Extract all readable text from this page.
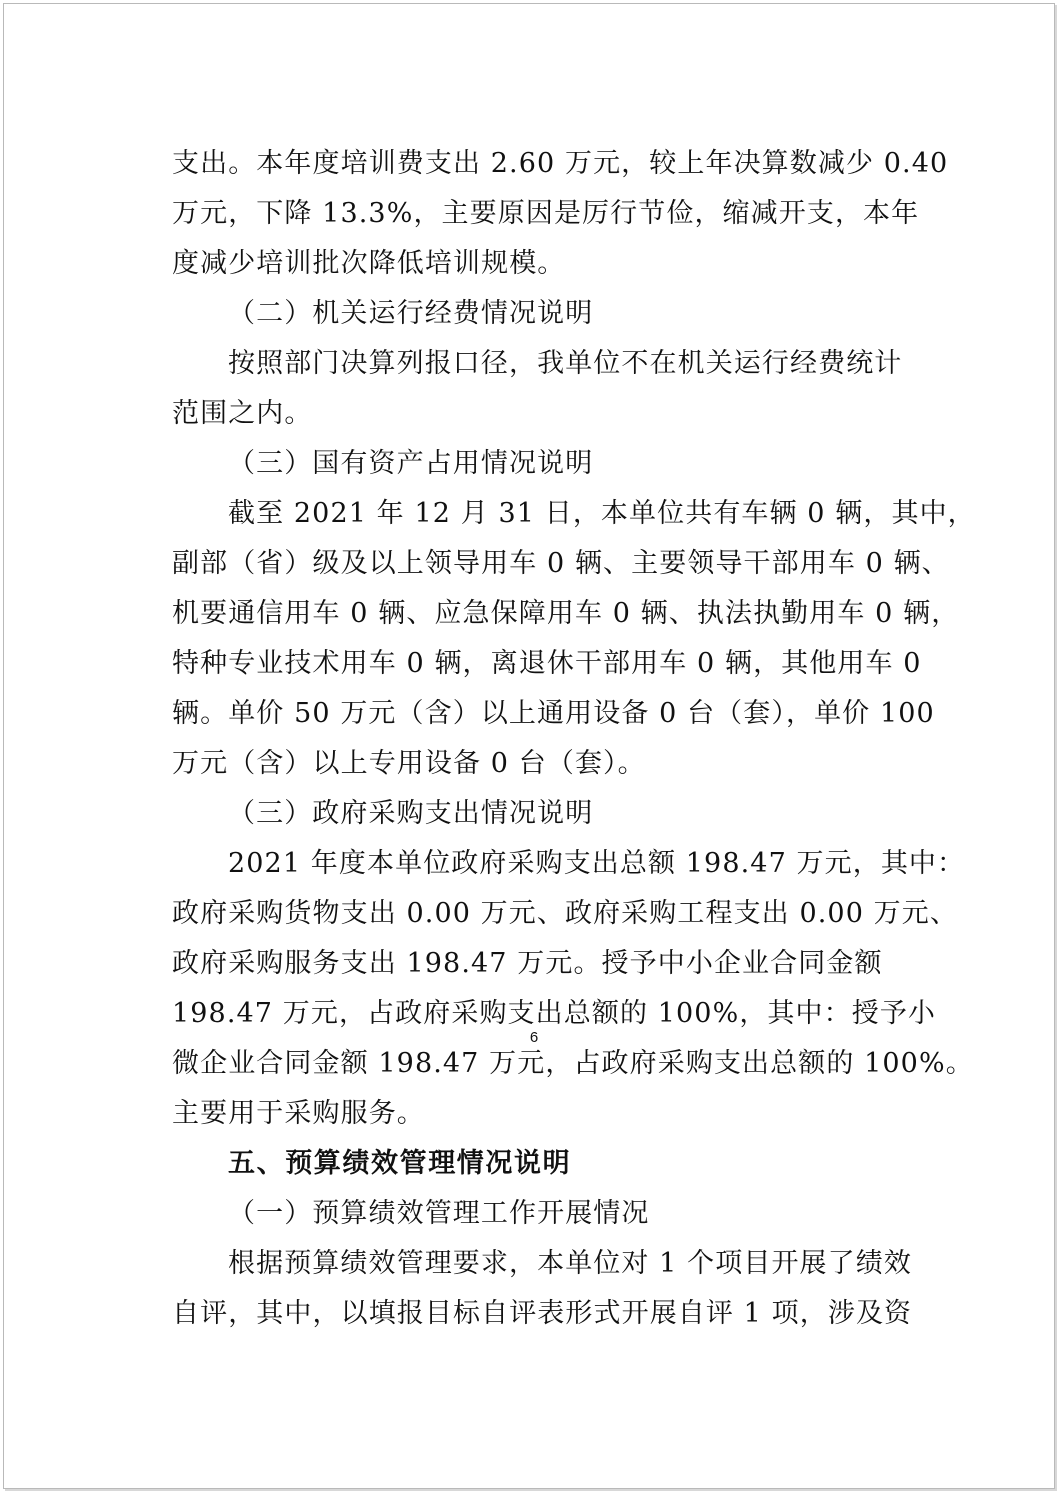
支出。本年度培训费支出 2.60 万元，较上年决算数减少 0.40
万元，下降 13.3%，主要原因是厉行节俭，缩减开支，本年
度减少培训批次降低培训规模。
（二）机关运行经费情况说明
按照部门决算列报口径，我单位不在机关运行经费统计
范围之内。
（三）国有资产占用情况说明
截至 2021 年 12 月 31 日，本单位共有车辆 0 辆，其中，
副部（省）级及以上领导用车 0 辆、主要领导干部用车 0 辆、
机要通信用车 0 辆、应急保障用车 0 辆、执法执勤用车 0 辆，
特种专业技术用车 0 辆，离退休干部用车 0 辆，其他用车 0
辆。单价 50 万元（含）以上通用设备 0 台（套），单价 100
万元（含）以上专用设备 0 台（套）。
（三）政府采购支出情况说明
2021 年度本单位政府采购支出总额 198.47 万元，其中：
政府采购货物支出 0.00 万元、政府采购工程支出 0.00 万元、
政府采购服务支出 198.47 万元。授予中小企业合同金额
198.47 万元，占政府采购支出总额的 100%，其中：授予小
微企业合同金额 198.47 万元，占政府采购支出总额的 100%。
主要用于采购服务。
五、预算绩效管理情况说明
（一）预算绩效管理工作开展情况
根据预算绩效管理要求，本单位对 1 个项目开展了绩效
自评，其中，以填报目标自评表形式开展自评 1 项，涉及资
6
